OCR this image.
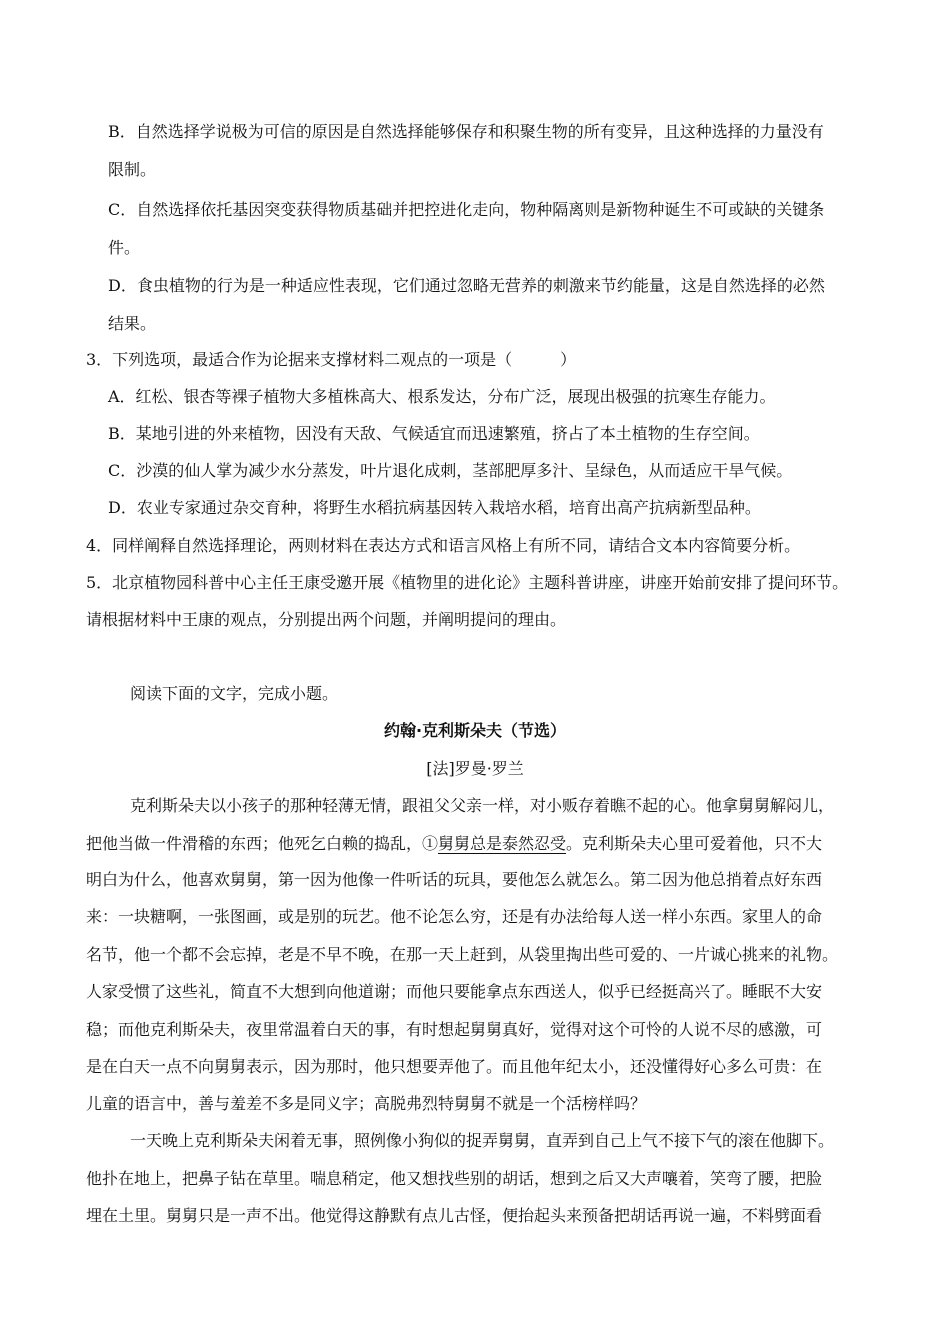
B．自然选择学说极为可信的原因是自然选择能够保存和积聚生物的所有变异，且这种选择的力量没有
限制。
C．自然选择依托基因突变获得物质基础并把控进化走向，物种隔离则是新物种诞生不可或缺的关键条
件。
D．食虫植物的行为是一种适应性表现，它们通过忽略无营养的刺激来节约能量，这是自然选择的必然
结果。
3．下列选项，最适合作为论据来支撑材料二观点的一项是（　　　）
A．红松、银杏等裸子植物大多植株高大、根系发达，分布广泛，展现出极强的抗寒生存能力。
B．某地引进的外来植物，因没有天敌、气候适宜而迅速繁殖，挤占了本土植物的生存空间。
C．沙漠的仙人掌为减少水分蒸发，叶片退化成刺，茎部肥厚多汁、呈绿色，从而适应干旱气候。
D．农业专家通过杂交育种，将野生水稻抗病基因转入栽培水稻，培育出高产抗病新型品种。
4．同样阐释自然选择理论，两则材料在表达方式和语言风格上有所不同，请结合文本内容简要分析。
5．北京植物园科普中心主任王康受邀开展《植物里的进化论》主题科普讲座，讲座开始前安排了提问环节。
请根据材料中王康的观点，分别提出两个问题，并阐明提问的理由。
阅读下面的文字，完成小题。
约翰·克利斯朵夫（节选）
[法]罗曼·罗兰
克利斯朵夫以小孩子的那种轻薄无情，跟祖父父亲一样，对小贩存着瞧不起的心。他拿舅舅解闷儿，
把他当做一件滑稽的东西；他死乞白赖的捣乱，①舅舅总是泰然忍受。克利斯朵夫心里可爱着他，只不大
明白为什么，他喜欢舅舅，第一因为他像一件听话的玩具，要他怎么就怎么。第二因为他总捎着点好东西
来：一块糖啊，一张图画，或是别的玩艺。他不论怎么穷，还是有办法给每人送一样小东西。家里人的命
名节，他一个都不会忘掉，老是不早不晚，在那一天上赶到，从袋里掏出些可爱的、一片诚心挑来的礼物。
人家受惯了这些礼，简直不大想到向他道谢；而他只要能拿点东西送人，似乎已经挺高兴了。睡眠不大安
稳；而他克利斯朵夫，夜里常温着白天的事，有时想起舅舅真好，觉得对这个可怜的人说不尽的感激，可
是在白天一点不向舅舅表示，因为那时，他只想要弄他了。而且他年纪太小，还没懂得好心多么可贵：在
儿童的语言中，善与羞差不多是同义字；高脱弗烈特舅舅不就是一个活榜样吗？
一天晚上克利斯朵夫闲着无事，照例像小狗似的捉弄舅舅，直弄到自己上气不接下气的滚在他脚下。
他扑在地上，把鼻子钻在草里。喘息稍定，他又想找些别的胡话，想到之后又大声嚷着，笑弯了腰，把脸
埋在土里。舅舅只是一声不出。他觉得这静默有点儿古怪，便抬起头来预备把胡话再说一遍，不料劈面看
